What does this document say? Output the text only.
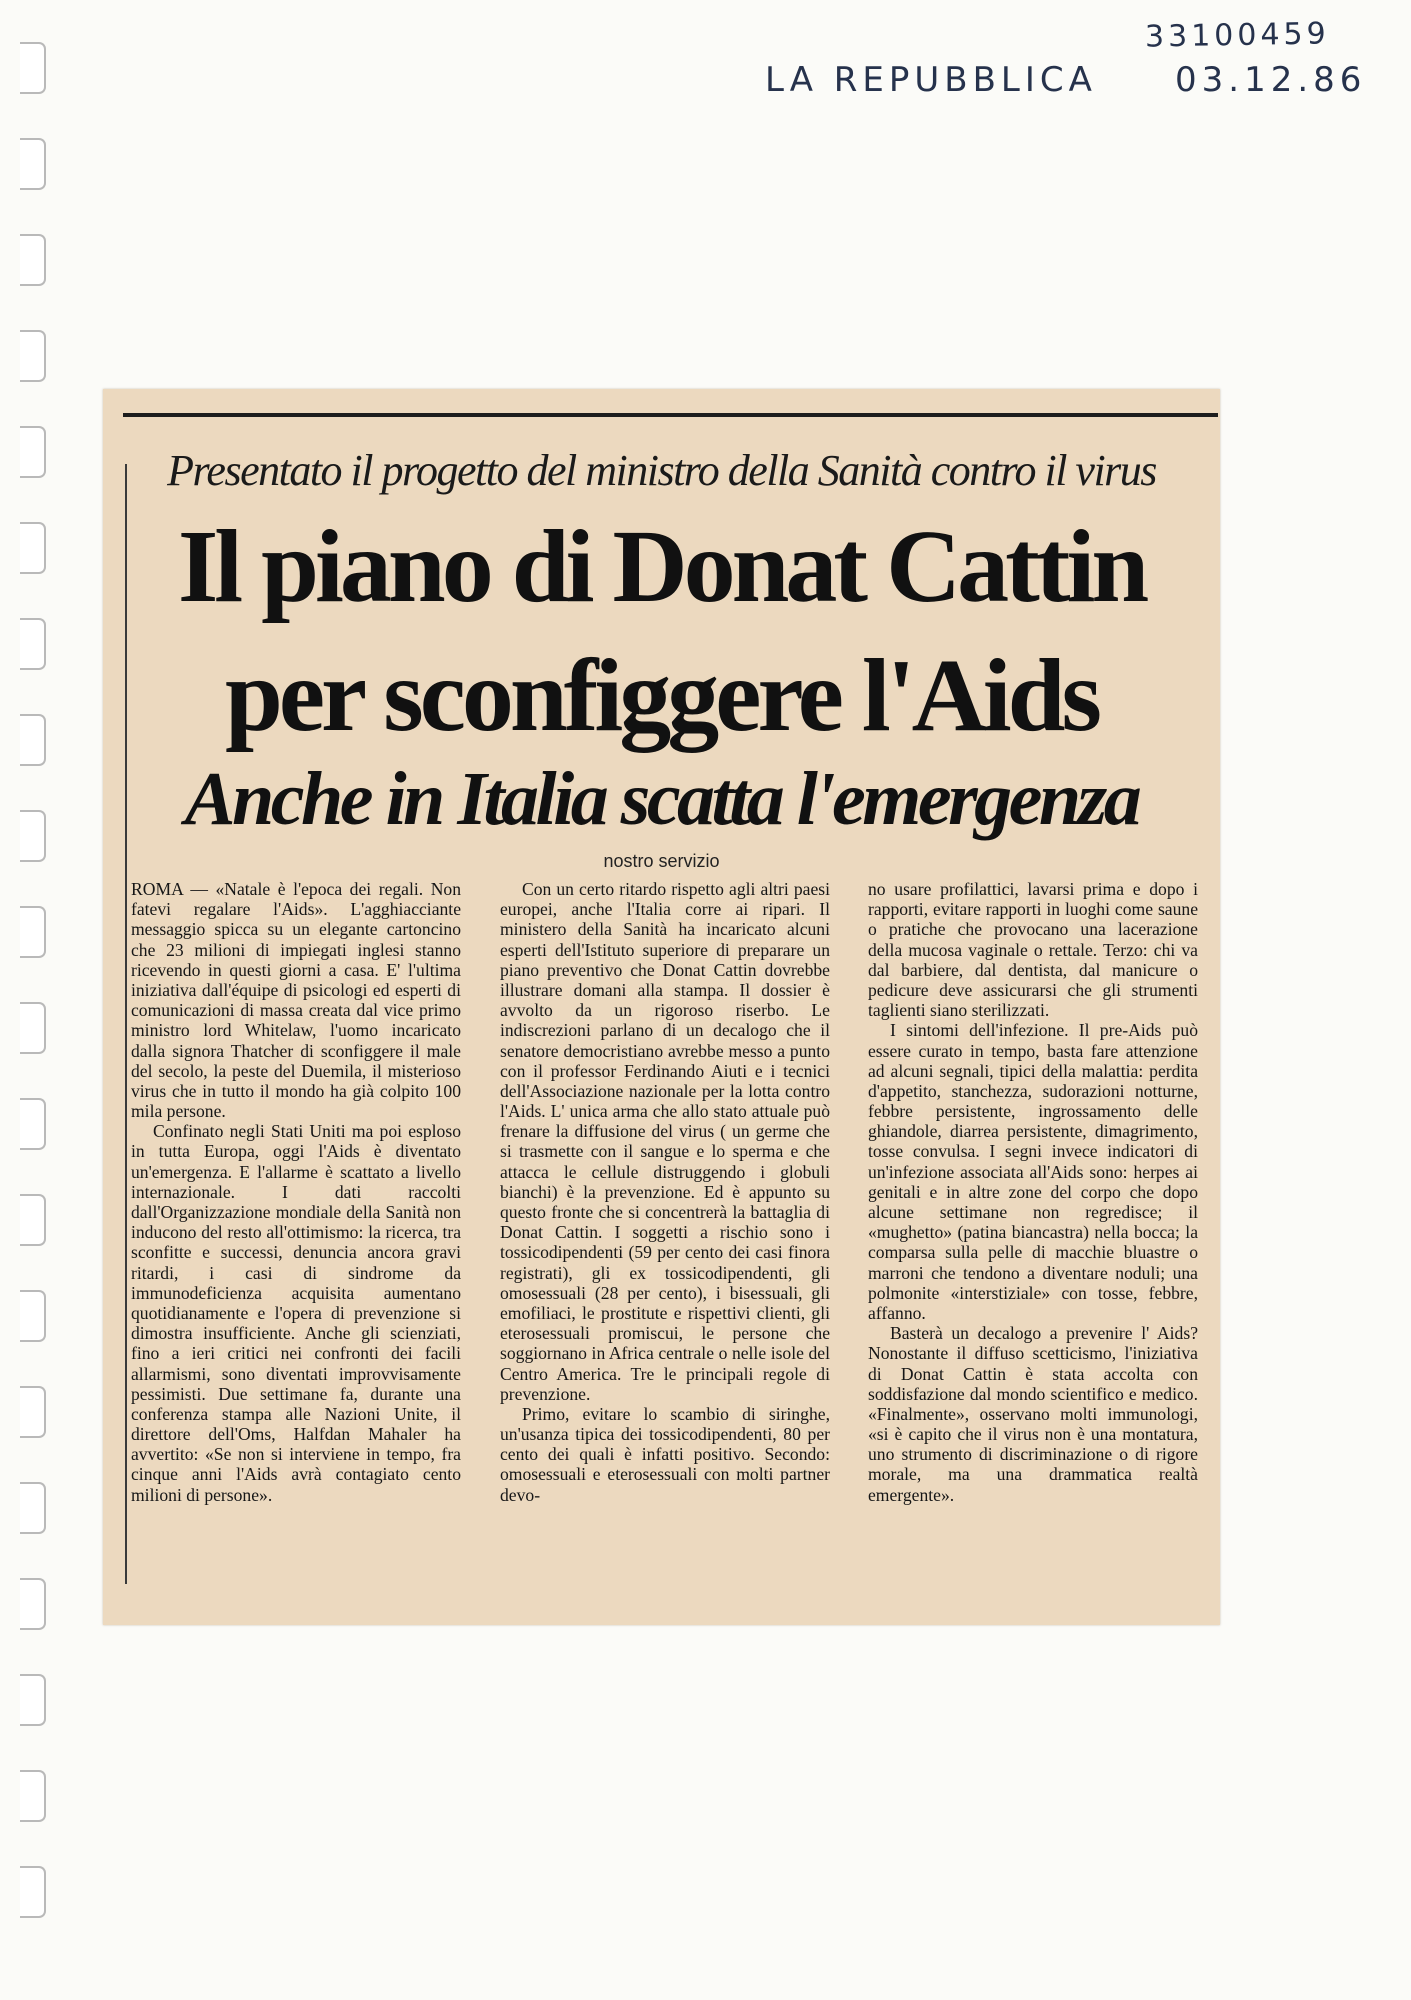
33100459
LA REPUBBLICA 03.12.86
Presentato il progetto del ministro della Sanità contro il virus
Il piano di Donat Cattin
per sconfiggere l'Aids
Anche in Italia scatta l'emergenza
nostro servizio

ROMA — «Natale è l'epoca dei regali. Non fatevi regalare l'Aids». L'agghiacciante messaggio spicca su un elegante cartoncino che 23 milioni di impiegati inglesi stanno ricevendo in questi giorni a casa. E' l'ultima iniziativa dall'équipe di psicologi ed esperti di comunicazioni di massa creata dal vice primo ministro lord Whitelaw, l'uomo incaricato dalla signora Thatcher di sconfiggere il male del secolo, la peste del Duemila, il misterioso virus che in tutto il mondo ha già colpito 100 mila persone.

Confinato negli Stati Uniti ma poi esploso in tutta Europa, oggi l'Aids è diventato un'emergenza. E l'allarme è scattato a livello internazionale. I dati raccolti dall'Organizzazione mondiale della Sanità non inducono del resto all'ottimismo: la ricerca, tra sconfitte e successi, denuncia ancora gravi ritardi, i casi di sindrome da immunodeficienza acquisita aumentano quotidianamente e l'opera di prevenzione si dimostra insufficiente. Anche gli scienziati, fino a ieri critici nei confronti dei facili allarmismi, sono diventati improvvisamente pessimisti. Due settimane fa, durante una conferenza stampa alle Nazioni Unite, il direttore dell'Oms, Halfdan Mahaler ha avvertito: «Se non si interviene in tempo, fra cinque anni l'Aids avrà contagiato cento milioni di persone».

Con un certo ritardo rispetto agli altri paesi europei, anche l'Italia corre ai ripari. Il ministero della Sanità ha incaricato alcuni esperti dell'Istituto superiore di preparare un piano preventivo che Donat Cattin dovrebbe illustrare domani alla stampa. Il dossier è avvolto da un rigoroso riserbo. Le indiscrezioni parlano di un decalogo che il senatore democristiano avrebbe messo a punto con il professor Ferdinando Aiuti e i tecnici dell'Associazione nazionale per la lotta contro l'Aids. L' unica arma che allo stato attuale può frenare la diffusione del virus ( un germe che si trasmette con il sangue e lo sperma e che attacca le cellule distruggendo i globuli bianchi) è la prevenzione. Ed è appunto su questo fronte che si concentrerà la battaglia di Donat Cattin. I soggetti a rischio sono i tossicodipendenti (59 per cento dei casi finora registrati), gli ex tossicodipendenti, gli omosessuali (28 per cento), i bisessuali, gli emofiliaci, le prostitute e rispettivi clienti, gli eterosessuali promiscui, le persone che soggiornano in Africa centrale o nelle isole del Centro America. Tre le principali regole di prevenzione.

Primo, evitare lo scambio di siringhe, un'usanza tipica dei tossicodipendenti, 80 per cento dei quali è infatti positivo. Secondo: omosessuali e eterosessuali con molti partner devo-

no usare profilattici, lavarsi prima e dopo i rapporti, evitare rapporti in luoghi come saune o pratiche che provocano una lacerazione della mucosa vaginale o rettale. Terzo: chi va dal barbiere, dal dentista, dal manicure o pedicure deve assicurarsi che gli strumenti taglienti siano sterilizzati.

I sintomi dell'infezione. Il pre-Aids può essere curato in tempo, basta fare attenzione ad alcuni segnali, tipici della malattia: perdita d'appetito, stanchezza, sudorazioni notturne, febbre persistente, ingrossamento delle ghiandole, diarrea persistente, dimagrimento, tosse convulsa. I segni invece indicatori di un'infezione associata all'Aids sono: herpes ai genitali e in altre zone del corpo che dopo alcune settimane non regredisce; il «mughetto» (patina biancastra) nella bocca; la comparsa sulla pelle di macchie bluastre o marroni che tendono a diventare noduli; una polmonite «interstiziale» con tosse, febbre, affanno.

Basterà un decalogo a prevenire l' Aids? Nonostante il diffuso scetticismo, l'iniziativa di Donat Cattin è stata accolta con soddisfazione dal mondo scientifico e medico. «Finalmente», osservano molti immunologi, «si è capito che il virus non è una montatura, uno strumento di discriminazione o di rigore morale, ma una drammatica realtà emergente».
